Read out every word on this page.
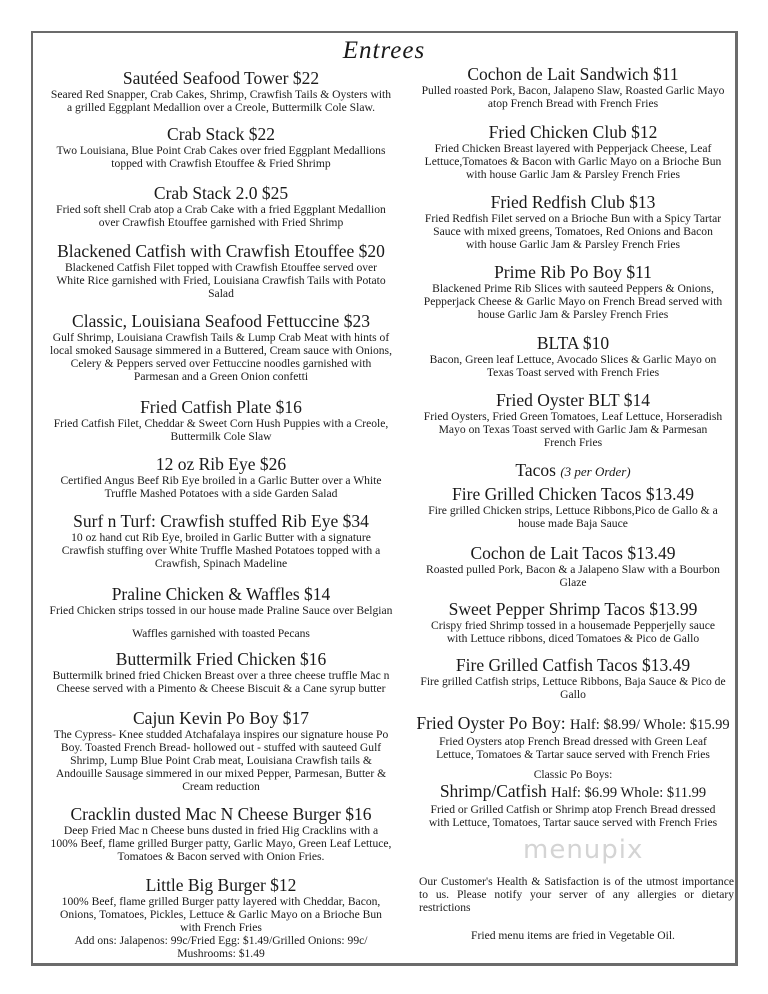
Entrees
Sautéed Seafood Tower $22
Seared Red Snapper, Crab Cakes, Shrimp, Crawfish Tails & Oysters with
a grilled Eggplant Medallion over a Creole, Buttermilk Cole Slaw.
Crab Stack $22
Two Louisiana, Blue Point Crab Cakes over fried Eggplant Medallions
topped with Crawfish Etouffee & Fried Shrimp
Crab Stack 2.0 $25
Fried soft shell Crab atop a Crab Cake with a fried Eggplant Medallion
over Crawfish Etouffee garnished with Fried Shrimp
Blackened Catfish with Crawfish Etouffee $20
Blackened Catfish Filet topped with Crawfish Etouffee served over
White Rice garnished with Fried, Louisiana Crawfish Tails with Potato
Salad
Classic, Louisiana Seafood Fettuccine $23
Gulf Shrimp, Louisiana Crawfish Tails & Lump Crab Meat with hints of
local smoked Sausage simmered in a Buttered, Cream sauce with Onions,
Celery & Peppers served over Fettuccine noodles garnished with
Parmesan and a Green Onion confetti
Fried Catfish Plate $16
Fried Catfish Filet, Cheddar & Sweet Corn Hush Puppies with a Creole,
Buttermilk Cole Slaw
12 oz Rib Eye $26
Certified Angus Beef Rib Eye broiled in a Garlic Butter over a White
Truffle Mashed Potatoes with a side Garden Salad
Surf n Turf: Crawfish stuffed Rib Eye $34
10 oz hand cut Rib Eye, broiled in Garlic Butter with a signature
Crawfish stuffing over White Truffle Mashed Potatoes topped with a
Crawfish, Spinach Madeline
Praline Chicken & Waffles $14
Fried Chicken strips tossed in our house made Praline Sauce over Belgian
Waffles garnished with toasted Pecans
Buttermilk Fried Chicken $16
Buttermilk brined fried Chicken Breast over a three cheese truffle Mac n
Cheese served with a Pimento & Cheese Biscuit & a Cane syrup butter
Cajun Kevin Po Boy $17
The Cypress- Knee studded Atchafalaya inspires our signature house Po
Boy. Toasted French Bread- hollowed out - stuffed with sauteed Gulf
Shrimp, Lump Blue Point Crab meat, Louisiana Crawfish tails &
Andouille Sausage simmered in our mixed Pepper, Parmesan, Butter &
Cream reduction
Cracklin dusted Mac N Cheese Burger $16
Deep Fried Mac n Cheese buns dusted in fried Hig Cracklins with a
100% Beef, flame grilled Burger patty, Garlic Mayo, Green Leaf Lettuce,
Tomatoes & Bacon served with Onion Fries.
Little Big Burger $12
100% Beef, flame grilled Burger patty layered with Cheddar, Bacon,
Onions, Tomatoes, Pickles, Lettuce & Garlic Mayo on a Brioche Bun
with French Fries
Add ons: Jalapenos: 99c/Fried Egg: $1.49/Grilled Onions: 99c/
Mushrooms: $1.49
Cochon de Lait Sandwich $11
Pulled roasted Pork, Bacon, Jalapeno Slaw, Roasted Garlic Mayo
atop French Bread with French Fries
Fried Chicken Club $12
Fried Chicken Breast layered with Pepperjack Cheese, Leaf
Lettuce,Tomatoes & Bacon with Garlic Mayo on a Brioche Bun
with house Garlic Jam & Parsley French Fries
Fried Redfish Club $13
Fried Redfish Filet served on a Brioche Bun with a Spicy Tartar
Sauce with mixed greens, Tomatoes, Red Onions and Bacon
with house Garlic Jam & Parsley French Fries
Prime Rib Po Boy $11
Blackened Prime Rib Slices with sauteed Peppers & Onions,
Pepperjack Cheese & Garlic Mayo on French Bread served with
house Garlic Jam & Parsley French Fries
BLTA $10
Bacon, Green leaf Lettuce, Avocado Slices & Garlic Mayo on
Texas Toast served with French Fries
Fried Oyster BLT $14
Fried Oysters, Fried Green Tomatoes, Leaf Lettuce, Horseradish
Mayo on Texas Toast served with Garlic Jam & Parmesan
French Fries
Tacos (3 per Order)
Fire Grilled Chicken Tacos $13.49
Fire grilled Chicken strips, Lettuce Ribbons,Pico de Gallo & a
house made Baja Sauce
Cochon de Lait Tacos $13.49
Roasted pulled Pork, Bacon & a Jalapeno Slaw with a Bourbon
Glaze
Sweet Pepper Shrimp Tacos $13.99
Crispy fried Shrimp tossed in a housemade Pepperjelly sauce
with Lettuce ribbons, diced Tomatoes & Pico de Gallo
Fire Grilled Catfish Tacos $13.49
Fire grilled Catfish strips, Lettuce Ribbons, Baja Sauce & Pico de
Gallo
Fried Oyster Po Boy: Half: $8.99/ Whole: $15.99
Fried Oysters atop French Bread dressed with Green Leaf
Lettuce, Tomatoes & Tartar sauce served with French Fries
Classic Po Boys:
Shrimp/Catfish Half: $6.99 Whole: $11.99
Fried or Grilled Catfish or Shrimp atop French Bread dressed
with Lettuce, Tomatoes, Tartar sauce served with French Fries
menupix
Our Customer's Health & Satisfaction is of the utmost importance to us. Please notify your server of any allergies or dietary restrictions
Fried menu items are fried in Vegetable Oil.
